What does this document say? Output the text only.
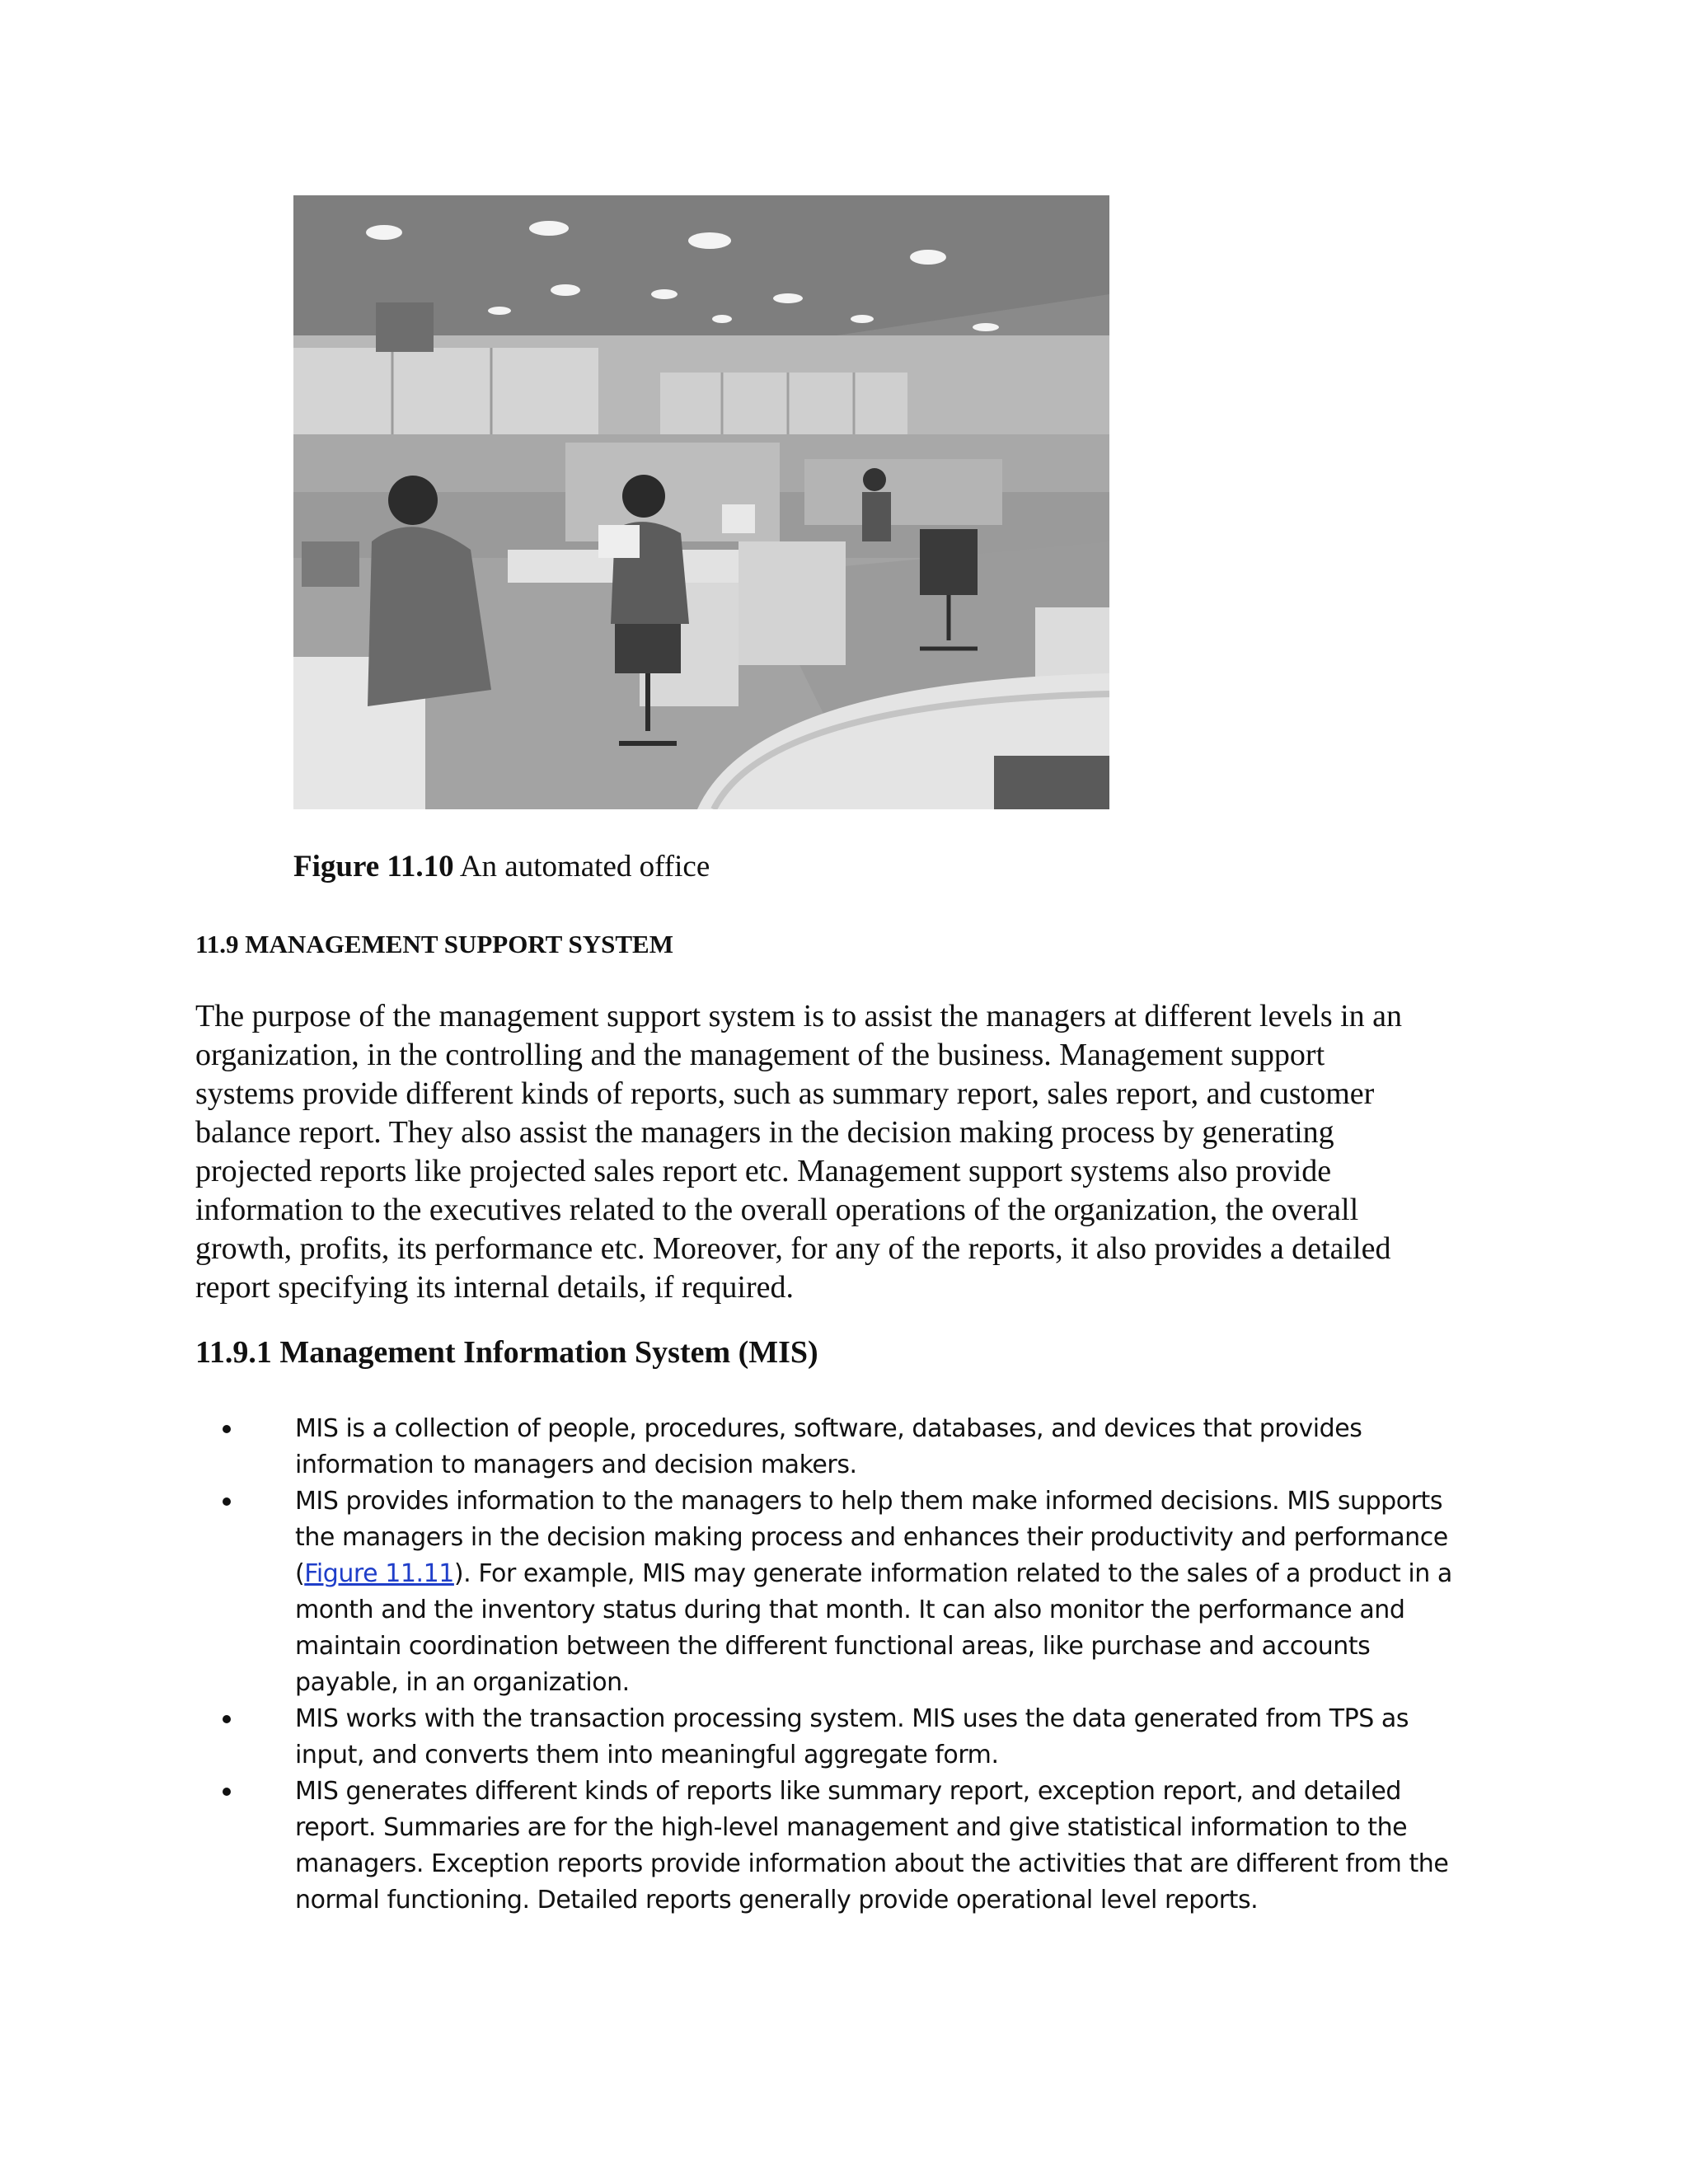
Figure 11.10 An automated office
11.9 MANAGEMENT SUPPORT SYSTEM

The purpose of the management support system is to assist the managers at different levels in an

organization, in the controlling and the management of the business. Management support

systems provide different kinds of reports, such as summary report, sales report, and customer

balance report. They also assist the managers in the decision making process by generating

projected reports like projected sales report etc. Management support systems also provide

information to the executives related to the overall operations of the organization, the overall

growth, profits, its performance etc. Moreover, for any of the reports, it also provides a detailed

report specifying its internal details, if required.

11.9.1 Management Information System (MIS)
MIS is a collection of people, procedures, software, databases, and devices that provides
information to managers and decision makers.
MIS provides information to the managers to help them make informed decisions. MIS supports
the managers in the decision making process and enhances their productivity and performance
(Figure 11.11). For example, MIS may generate information related to the sales of a product in a
month and the inventory status during that month. It can also monitor the performance and
maintain coordination between the different functional areas, like purchase and accounts
payable, in an organization.
MIS works with the transaction processing system. MIS uses the data generated from TPS as
input, and converts them into meaningful aggregate form.
MIS generates different kinds of reports like summary report, exception report, and detailed
report. Summaries are for the high-level management and give statistical information to the
managers. Exception reports provide information about the activities that are different from the
normal functioning. Detailed reports generally provide operational level reports.
